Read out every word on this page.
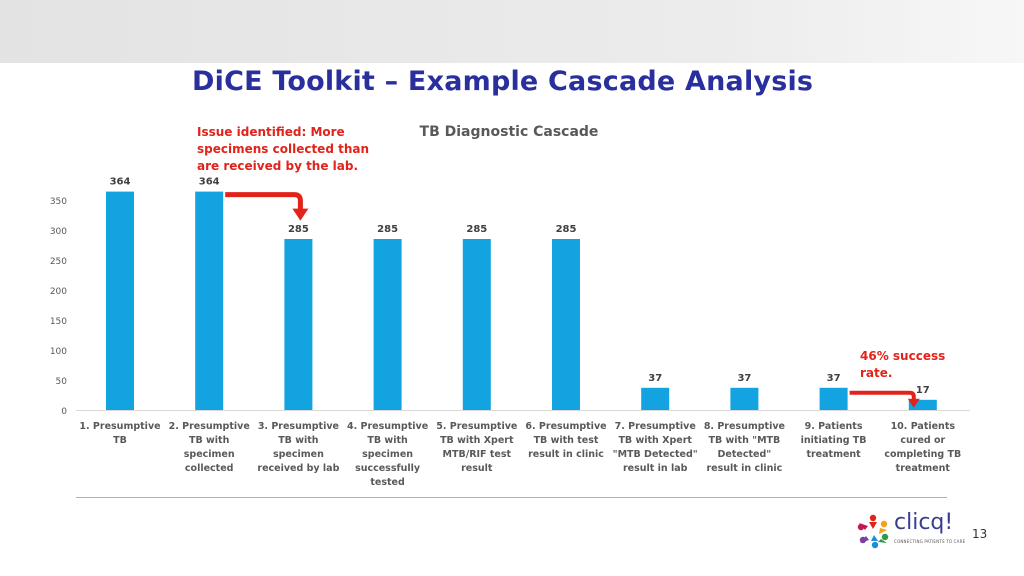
DiCE Toolkit – Example Cascade Analysis
0
50
100
150
200
250
300
350
364
1. Presumptive
TB
364
2. Presumptive
TB with
specimen
collected
285
3. Presumptive
TB with
specimen
received by lab
285
4. Presumptive
TB with
specimen
successfully
tested
285
5. Presumptive
TB with Xpert
MTB/RIF test
result
285
6. Presumptive
TB with test
result in clinic
37
7. Presumptive
TB with Xpert
"MTB Detected"
result in lab
37
8. Presumptive
TB with "MTB
Detected"
result in clinic
37
9. Patients
initiating TB
treatment
17
10. Patients
cured or
completing TB
treatment
TB Diagnostic Cascade
Issue identified: More
specimens collected than
are received by the lab.
46% success
rate.
clicq!
CONNECTING PATIENTS TO CARE
13
